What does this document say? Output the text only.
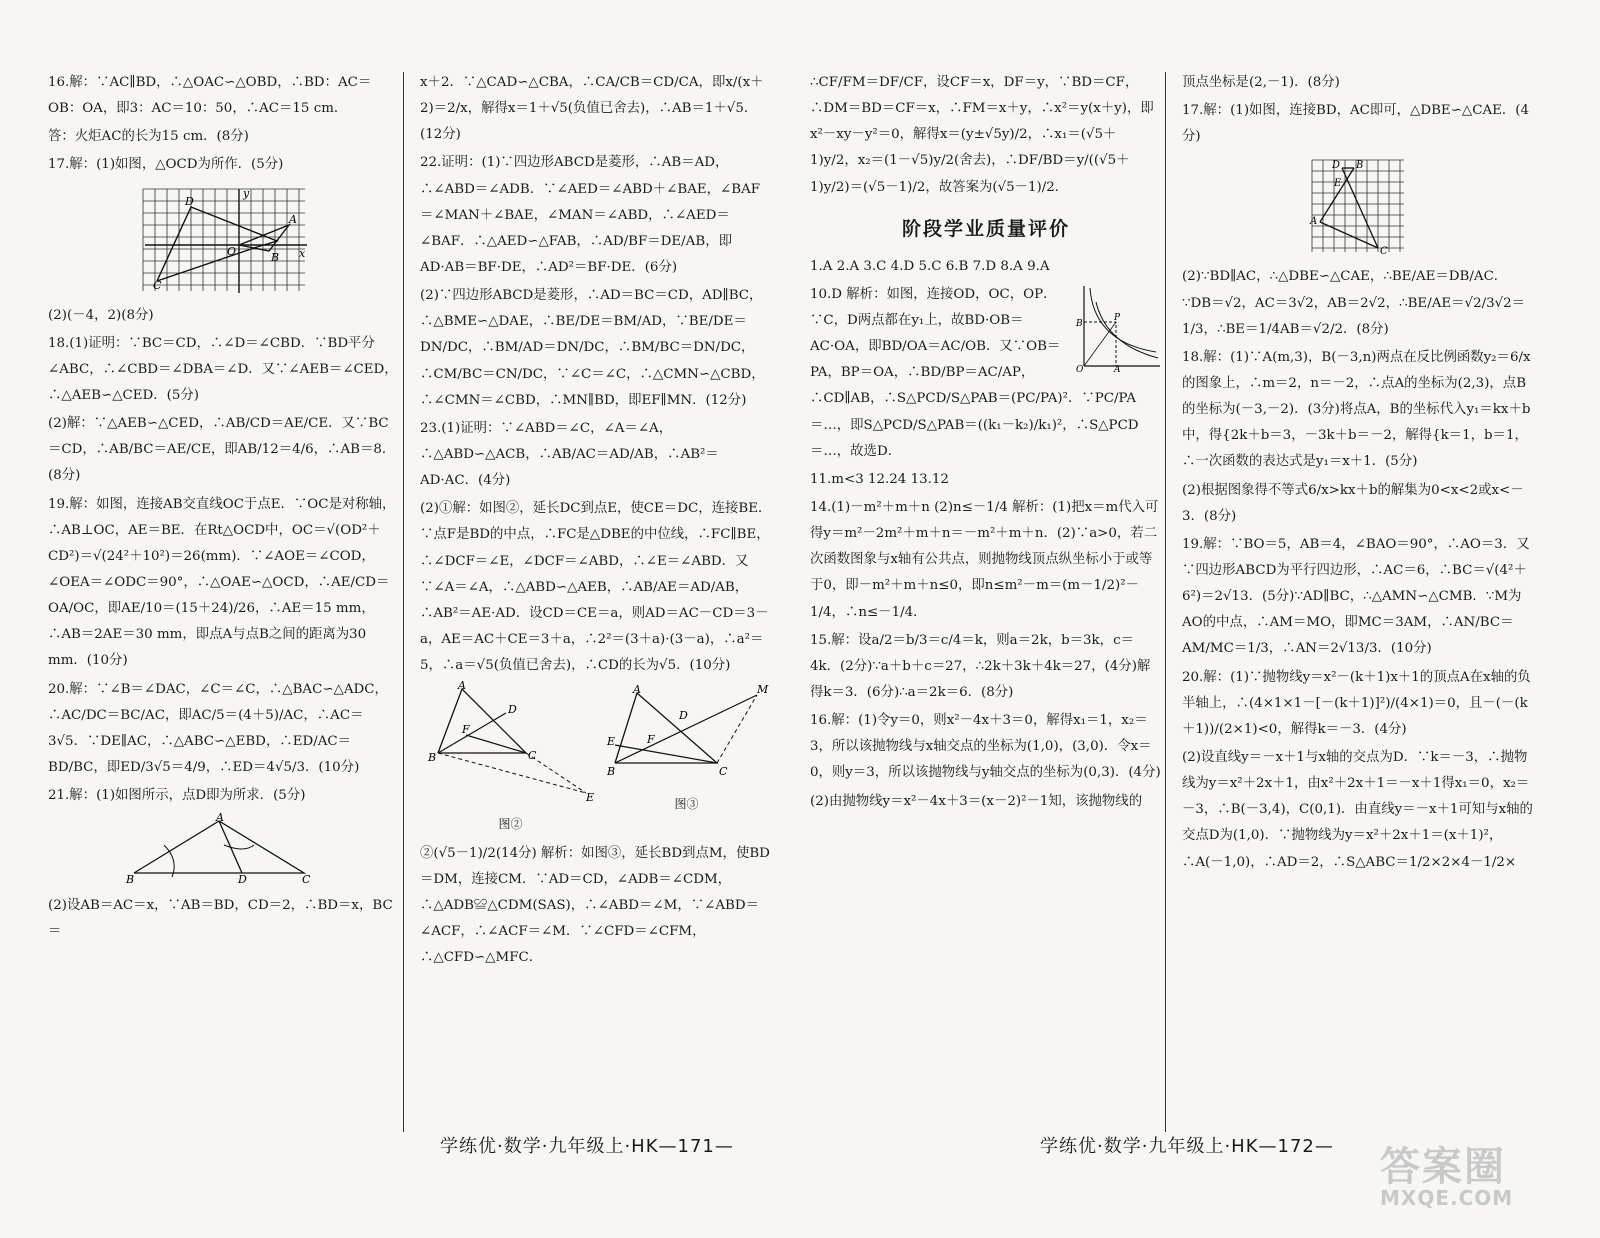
16.解：∵AC∥BD，∴△OAC∽△OBD，∴BD：AC＝OB：OA，即3：AC＝10：50，∴AC＝15 cm．

答：火炬AC的长为15 cm．(8分)

17.解：(1)如图，△OCD为所作．(5分)

C
D
A
B
O
y
x

(2)(－4，2)(8分)

18.(1)证明：∵BC＝CD，∴∠D＝∠CBD．∵BD平分∠ABC，∴∠CBD＝∠DBA＝∠D．又∵∠AEB＝∠CED，∴△AEB∽△CED．(5分)

(2)解：∵△AEB∽△CED，∴AB/CD＝AE/CE．又∵BC＝CD，∴AB/BC＝AE/CE，即AB/12＝4/6，∴AB＝8．(8分)

19.解：如图，连接AB交直线OC于点E．∵OC是对称轴，∴AB⊥OC，AE＝BE．在Rt△OCD中，OC＝√(OD²＋CD²)＝√(24²＋10²)＝26(mm)．∵∠AOE＝∠COD，∠OEA＝∠ODC＝90°，∴△OAE∽△OCD，∴AE/CD＝OA/OC，即AE/10＝(15＋24)/26，∴AE＝15 mm，∴AB＝2AE＝30 mm，即点A与点B之间的距离为30 mm．(10分)

20.解：∵∠B＝∠DAC，∠C＝∠C，∴△BAC∽△ADC，∴AC/DC＝BC/AC，即AC/5＝(4＋5)/AC，∴AC＝3√5．∵DE∥AC，∴△ABC∽△EBD，∴ED/AC＝BD/BC，即ED/3√5＝4/9，∴ED＝4√5/3．(10分)

21.解：(1)如图所示，点D即为所求．(5分)

B
A
D	C

(2)设AB＝AC＝x，∵AB＝BD，CD＝2，∴BD＝x，BC＝

x＋2．∵△CAD∽△CBA，∴CA/CB＝CD/CA，即x/(x＋2)＝2/x，解得x＝1＋√5(负值已舍去)，∴AB＝1＋√5．(12分)

22.证明：(1)∵四边形ABCD是菱形，∴AB＝AD，∴∠ABD＝∠ADB．∵∠AED＝∠ABD＋∠BAE，∠BAF＝∠MAN＋∠BAE，∠MAN＝∠ABD，∴∠AED＝∠BAF．∴△AED∽△FAB，∴AD/BF＝DE/AB，即AD·AB＝BF·DE，∴AD²＝BF·DE．(6分)

(2)∵四边形ABCD是菱形，∴AD＝BC＝CD，AD∥BC，∴△BME∽△DAE，∴BE/DE＝BM/AD，∵BE/DE＝DN/DC，∴BM/AD＝DN/DC，∴BM/BC＝DN/DC，∴CM/BC＝CN/DC，∵∠C＝∠C，∴△CMN∽△CBD，∴∠CMN＝∠CBD，∴MN∥BD，即EF∥MN．(12分)

23.(1)证明：∵∠ABD＝∠C，∠A＝∠A，∴△ABD∽△ACB，∴AB/AC＝AD/AB，∴AB²＝AD·AC．(4分)

(2)①解：如图②，延长DC到点E，使CE＝DC，连接BE．∵点F是BD的中点，∴FC是△DBE的中位线，∴FC∥BE，∴∠DCF＝∠E，∠DCF＝∠ABD，∴∠E＝∠ABD．又∵∠A＝∠A，∴△ABD∽△AEB，∴AB/AE＝AD/AB，∴AB²＝AE·AD．设CD＝CE＝a，则AD＝AC－CD＝3－a，AE＝AC＋CE＝3＋a，∴2²＝(3＋a)·(3－a)，∴a²＝5，∴a＝√5(负值已舍去)，∴CD的长为√5．(10分)

A
B	C
D
F
E
图②
A
B	C
D
E	F
M
图③

②(√5－1)/2(14分) 解析：如图③，延长BD到点M，使BD＝DM，连接CM．∵AD＝CD，∠ADB＝∠CDM，∴△ADB≌△CDM(SAS)，∴∠ABD＝∠M，∵∠ABD＝∠ACF，∴∠ACF＝∠M．∵∠CFD＝∠CFM，∴△CFD∽△MFC．

∴CF/FM＝DF/CF，设CF＝x，DF＝y，∵BD＝CF，∴DM＝BD＝CF＝x，∴FM＝x＋y，∴x²＝y(x＋y)，即x²－xy－y²＝0，解得x＝(y±√5y)/2，∴x₁＝(√5＋1)y/2，x₂＝(1－√5)y/2(舍去)，∴DF/BD＝y/((√5＋1)y/2)＝(√5－1)/2，故答案为(√5－1)/2．

阶段学业质量评价

1.A 2.A 3.C 4.D 5.C 6.B 7.D 8.A 9.A

B
P
O	A

10.D 解析：如图，连接OD，OC，OP．∵C，D两点都在y₁上，故BD·OB＝AC·OA，即BD/OA＝AC/OB．又∵OB＝PA，BP＝OA，∴BD/BP＝AC/AP，∴CD∥AB，∴S△PCD/S△PAB＝(PC/PA)²．∵PC/PA＝…，即S△PCD/S△PAB＝((k₁－k₂)/k₁)²，∴S△PCD＝…，故选D．

11.m<3 12.24 13.12

14.(1)－m²＋m＋n (2)n≤－1/4 解析：(1)把x＝m代入可得y＝m²－2m²＋m＋n＝－m²＋m＋n．(2)∵a>0，若二次函数图象与x轴有公共点，则抛物线顶点纵坐标小于或等于0，即－m²＋m＋n≤0，即n≤m²－m＝(m－1/2)²－1/4，∴n≤－1/4．

15.解：设a/2＝b/3＝c/4＝k，则a＝2k，b＝3k，c＝4k．(2分)∵a＋b＋c＝27，∴2k＋3k＋4k＝27，(4分)解得k＝3．(6分)∴a＝2k＝6．(8分)

16.解：(1)令y＝0，则x²－4x＋3＝0，解得x₁＝1，x₂＝3，所以该抛物线与x轴交点的坐标为(1,0)，(3,0)．令x＝0，则y＝3，所以该抛物线与y轴交点的坐标为(0,3)．(4分)

(2)由抛物线y＝x²－4x＋3＝(x－2)²－1知，该抛物线的

顶点坐标是(2,－1)．(8分)

17.解：(1)如图，连接BD，AC即可，△DBE∽△CAE．(4分)

D B
E
A
C

(2)∵BD∥AC，∴△DBE∽△CAE，∴BE/AE＝DB/AC．∵DB＝√2，AC＝3√2，AB＝2√2，∴BE/AE＝√2/3√2＝1/3，∴BE＝1/4AB＝√2/2．(8分)

18.解：(1)∵A(m,3)，B(－3,n)两点在反比例函数y₂＝6/x的图象上，∴m＝2，n＝－2，∴点A的坐标为(2,3)，点B的坐标为(－3,－2)．(3分)将点A，B的坐标代入y₁＝kx＋b中，得{2k＋b＝3，－3k＋b＝－2，解得{k＝1，b＝1，∴一次函数的表达式是y₁＝x＋1．(5分)

(2)根据图象得不等式6/x>kx＋b的解集为0<x<2或x<－3．(8分)

19.解：∵BO＝5，AB＝4，∠BAO＝90°，∴AO＝3．又∵四边形ABCD为平行四边形，∴AC＝6，∴BC＝√(4²＋6²)＝2√13．(5分)∵AD∥BC，∴△AMN∽△CMB．∵M为AO的中点，∴AM＝MO，即MC＝3AM，∴AN/BC＝AM/MC＝1/3，∴AN＝2√13/3．(10分)

20.解：(1)∵抛物线y＝x²－(k＋1)x＋1的顶点A在x轴的负半轴上，∴(4×1×1－[－(k＋1)]²)/(4×1)＝0，且－(－(k＋1))/(2×1)<0，解得k＝－3．(4分)

(2)设直线y＝－x＋1与x轴的交点为D．∵k＝－3，∴抛物线为y＝x²＋2x＋1，由x²＋2x＋1＝－x＋1得x₁＝0，x₂＝－3，∴B(－3,4)，C(0,1)．由直线y＝－x＋1可知与x轴的交点D为(1,0)．∵抛物线为y＝x²＋2x＋1＝(x＋1)²，∴A(－1,0)，∴AD＝2，∴S△ABC＝1/2×2×4－1/2×

学练优·数学·九年级上·HK—171—	学练优·数学·九年级上·HK—172— 答案圈
MXQE.COM
